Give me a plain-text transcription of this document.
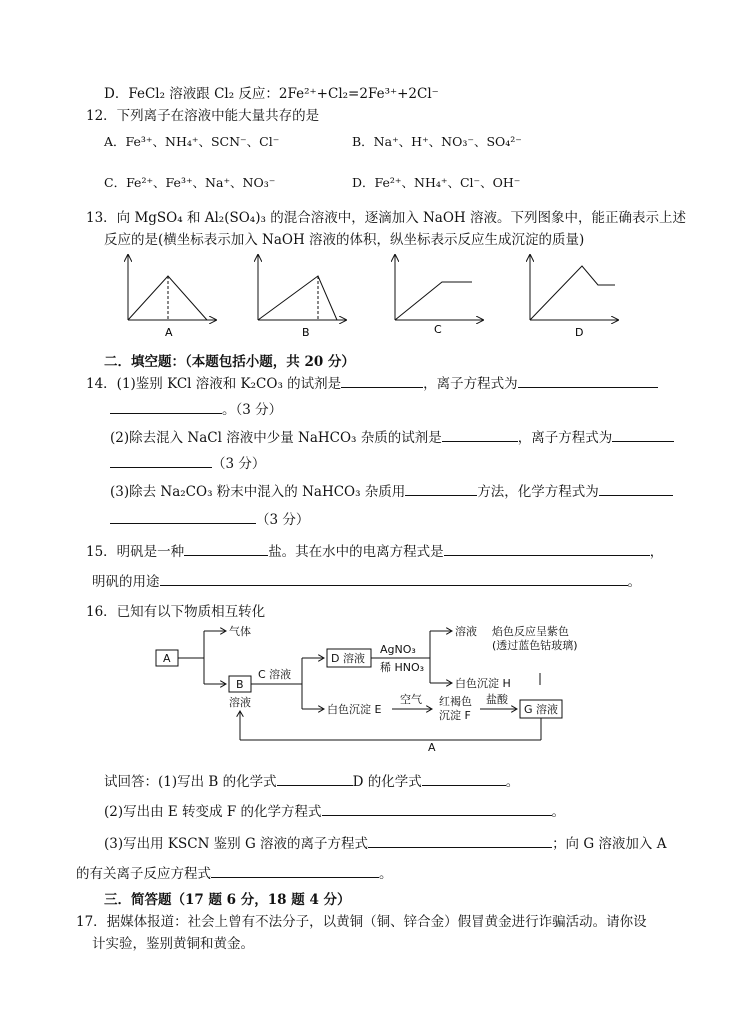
D．FeCl₂ 溶液跟 Cl₂ 反应：2Fe²⁺+Cl₂=2Fe³⁺+2Cl⁻
12．下列离子在溶液中能大量共存的是
A．Fe³⁺、NH₄⁺、SCN⁻、Cl⁻	B．Na⁺、H⁺、NO₃⁻、SO₄²⁻
C．Fe²⁺、Fe³⁺、Na⁺、NO₃⁻	D．Fe²⁺、NH₄⁺、Cl⁻、OH⁻
13．向 MgSO₄ 和 Al₂(SO₄)₃ 的混合溶液中，逐滴加入 NaOH 溶液。下列图象中，能正确表示上述
反应的是(横坐标表示加入 NaOH 溶液的体积，纵坐标表示反应生成沉淀的质量)
A	B	C	D
二．填空题：（本题包括小题，共 20 分）
14．(1)鉴别 KCl 溶液和 K₂CO₃ 的试剂是	，离子方程式为
。（3 分）
(2)除去混入 NaCl 溶液中少量 NaHCO₃ 杂质的试剂是	，离子方程式为
（3 分）
(3)除去 Na₂CO₃ 粉末中混入的 NaHCO₃ 杂质用	方法，化学方程式为
（3 分）
15．明矾是一种	盐。其在水中的电离方程式是	，
明矾的用途	。
16．已知有以下物质相互转化
A
气体
B
溶液
C 溶液
D 溶液
AgNO₃
稀 HNO₃
溶液 焰色反应呈紫色
(透过蓝色钴玻璃)
白色沉淀 H
白色沉淀 E
空气 红褐色
沉淀 F
盐酸
G 溶液
A
试回答：(1)写出 B 的化学式	D 的化学式	。
(2)写出由 E 转变成 F 的化学方程式	。
(3)写出用 KSCN 鉴别 G 溶液的离子方程式	；向 G 溶液加入 A
的有关离子反应方程式	。
三．简答题（17 题 6 分，18 题 4 分）
17．据媒体报道：社会上曾有不法分子，以黄铜（铜、锌合金）假冒黄金进行诈骗活动。请你设
计实验，鉴别黄铜和黄金。
